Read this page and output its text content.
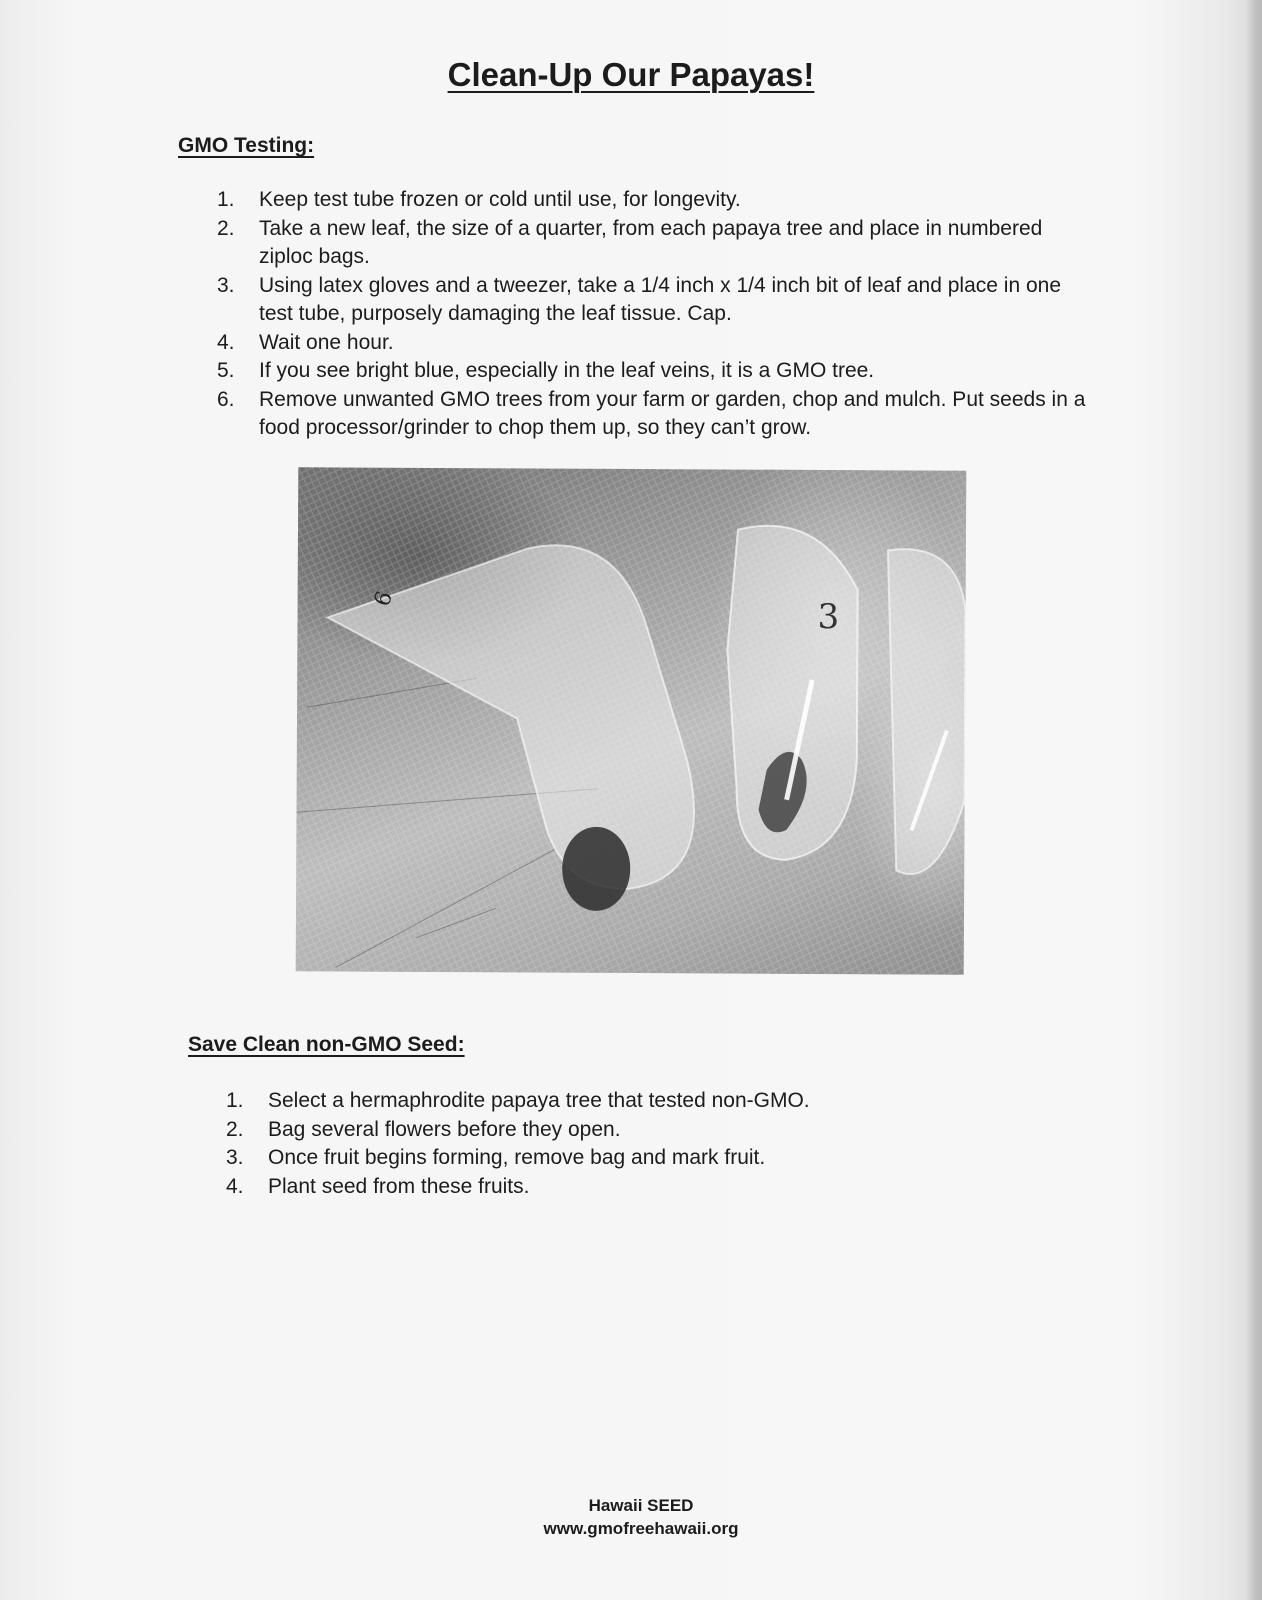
Clean-Up Our Papayas!
GMO Testing:
1. Keep test tube frozen or cold until use, for longevity.
2. Take a new leaf, the size of a quarter, from each papaya tree and place in numbered ziploc bags.
3. Using latex gloves and a tweezer, take a 1/4 inch x 1/4 inch bit of leaf and place in one test tube, purposely damaging the leaf tissue. Cap.
4. Wait one hour.
5. If you see bright blue, especially in the leaf veins, it is a GMO tree.
6. Remove unwanted GMO trees from your farm or garden, chop and mulch. Put seeds in a food processor/grinder to chop them up, so they can’t grow.
6	3
Save Clean non-GMO Seed:
1. Select a hermaphrodite papaya tree that tested non-GMO.
2. Bag several flowers before they open.
3. Once fruit begins forming, remove bag and mark fruit.
4. Plant seed from these fruits.
Hawaii SEED
www.gmofreehawaii.org
